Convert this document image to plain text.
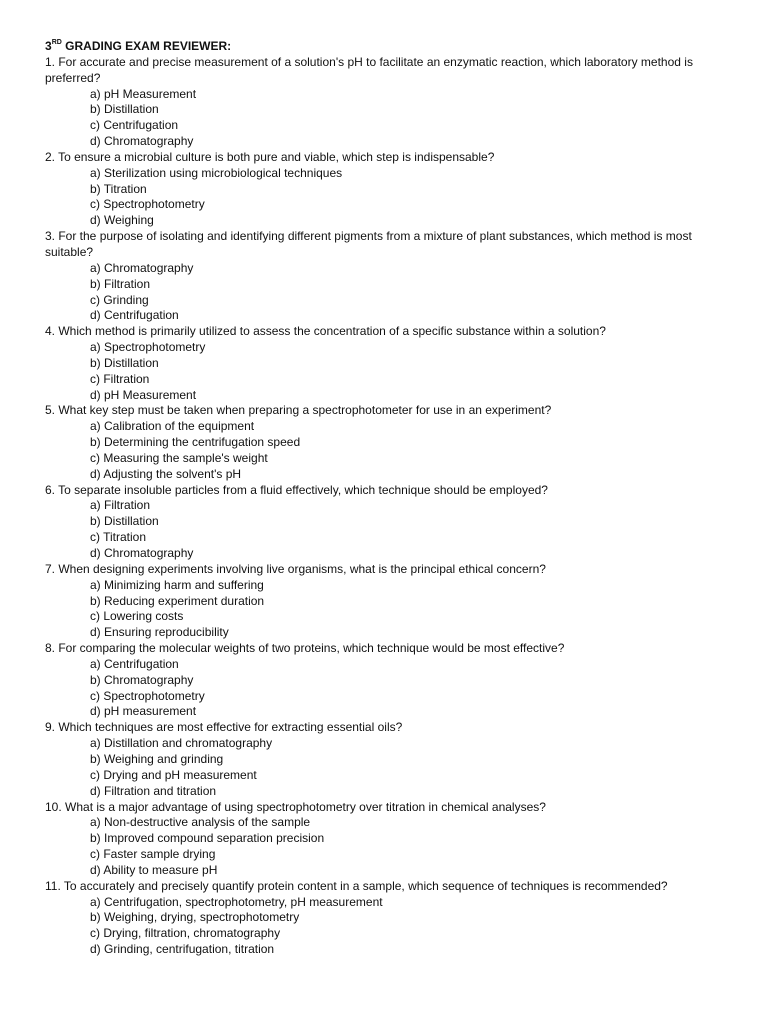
3RD GRADING EXAM REVIEWER:
1. For accurate and precise measurement of a solution's pH to facilitate an enzymatic reaction, which laboratory method is preferred?
a) pH Measurement
b) Distillation
c) Centrifugation
d) Chromatography
2. To ensure a microbial culture is both pure and viable, which step is indispensable?
a) Sterilization using microbiological techniques
b) Titration
c) Spectrophotometry
d) Weighing
3. For the purpose of isolating and identifying different pigments from a mixture of plant substances, which method is most suitable?
a) Chromatography
b) Filtration
c) Grinding
d) Centrifugation
4. Which method is primarily utilized to assess the concentration of a specific substance within a solution?
a) Spectrophotometry
b) Distillation
c) Filtration
d) pH Measurement
5. What key step must be taken when preparing a spectrophotometer for use in an experiment?
a) Calibration of the equipment
b) Determining the centrifugation speed
c) Measuring the sample's weight
d) Adjusting the solvent's pH
6. To separate insoluble particles from a fluid effectively, which technique should be employed?
a) Filtration
b) Distillation
c) Titration
d) Chromatography
7. When designing experiments involving live organisms, what is the principal ethical concern?
a) Minimizing harm and suffering
b) Reducing experiment duration
c) Lowering costs
d) Ensuring reproducibility
8. For comparing the molecular weights of two proteins, which technique would be most effective?
a) Centrifugation
b) Chromatography
c) Spectrophotometry
d) pH measurement
9. Which techniques are most effective for extracting essential oils?
a) Distillation and chromatography
b) Weighing and grinding
c) Drying and pH measurement
d) Filtration and titration
10. What is a major advantage of using spectrophotometry over titration in chemical analyses?
a) Non-destructive analysis of the sample
b) Improved compound separation precision
c) Faster sample drying
d) Ability to measure pH
11. To accurately and precisely quantify protein content in a sample, which sequence of techniques is recommended?
a) Centrifugation, spectrophotometry, pH measurement
b) Weighing, drying, spectrophotometry
c) Drying, filtration, chromatography
d) Grinding, centrifugation, titration
